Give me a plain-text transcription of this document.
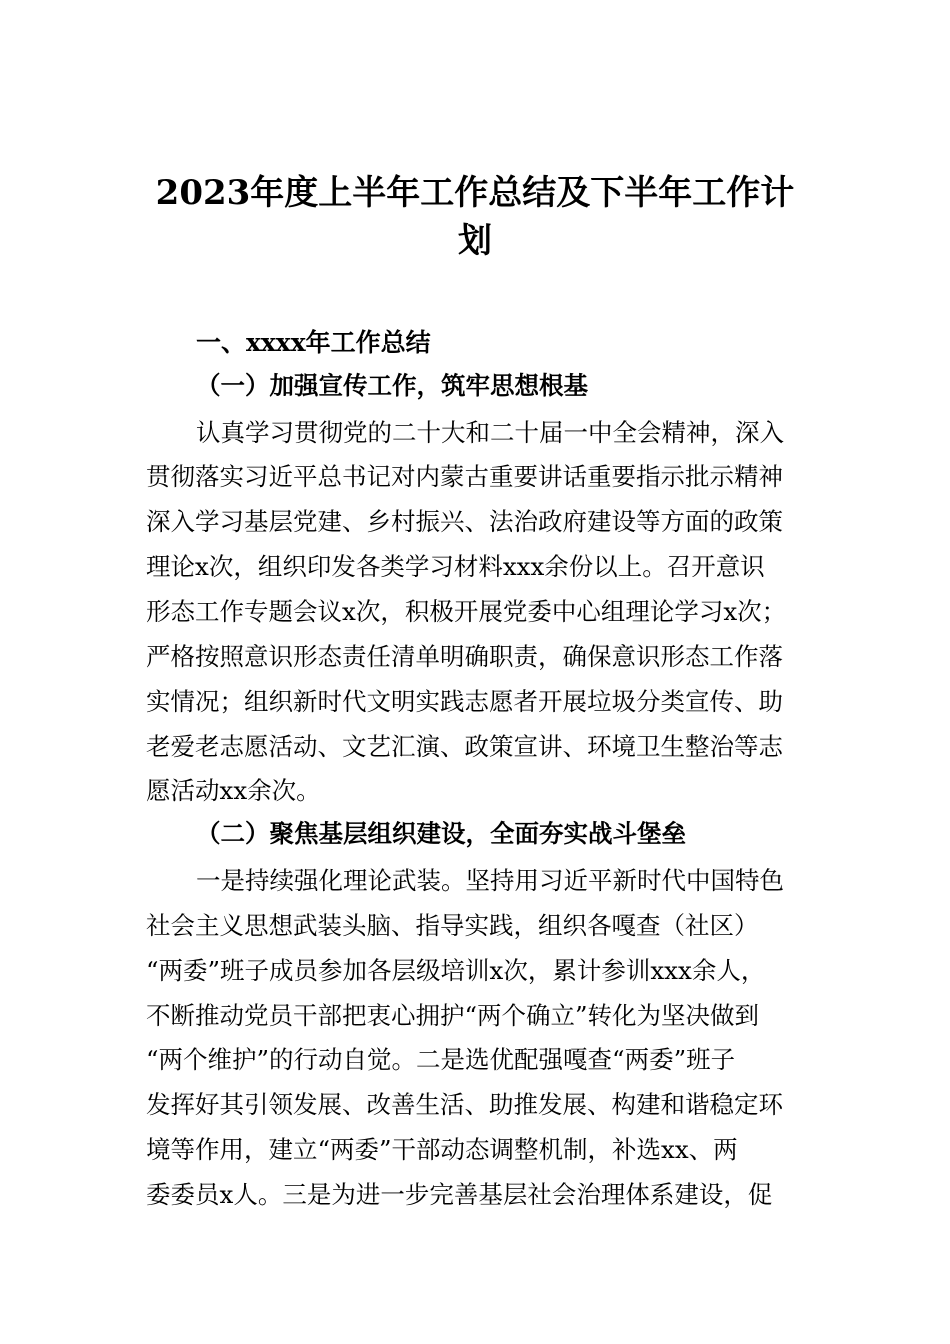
2023年度上半年工作总结及下半年工作计
划

一、xxxx年工作总结

（一）加强宣传工作，筑牢思想根基

认真学习贯彻党的二十大和二十届一中全会精神，深入

贯彻落实习近平总书记对内蒙古重要讲话重要指示批示精神

深入学习基层党建、乡村振兴、法治政府建设等方面的政策

理论x次，组织印发各类学习材料xxx余份以上。召开意识

形态工作专题会议x次，积极开展党委中心组理论学习x次；

严格按照意识形态责任清单明确职责，确保意识形态工作落

实情况；组织新时代文明实践志愿者开展垃圾分类宣传、助

老爱老志愿活动、文艺汇演、政策宣讲、环境卫生整治等志

愿活动xx余次。

（二）聚焦基层组织建设，全面夯实战斗堡垒

一是持续强化理论武装。坚持用习近平新时代中国特色

社会主义思想武装头脑、指导实践，组织各嘎查（社区）

“两委”班子成员参加各层级培训x次，累计参训xxx余人，

不断推动党员干部把衷心拥护“两个确立”转化为坚决做到

“两个维护”的行动自觉。二是选优配强嘎查“两委”班子

发挥好其引领发展、改善生活、助推发展、构建和谐稳定环

境等作用，建立“两委”干部动态调整机制，补选xx、两

委委员x人。三是为进一步完善基层社会治理体系建设，促
